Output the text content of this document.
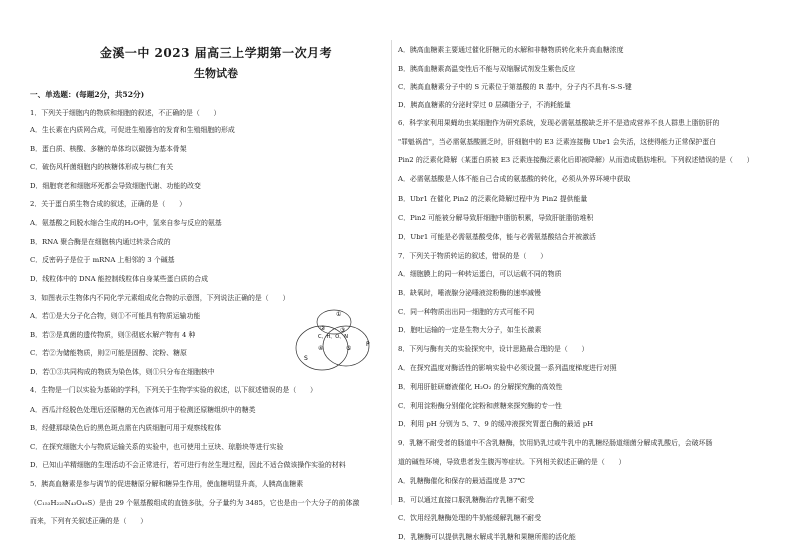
金溪一中 2023 届高三上学期第一次月考
生物试卷
一、单选题：(每题2分，共52分)
1．下列关于细胞内的物质和细胞的叙述，不正确的是（　　）
A．生长素在内质网合成，可促进生殖器官的发育和生殖细胞的形成
B．蛋白质、核酸、多糖的单体均以碳链为基本骨架
C．破伤风杆菌细胞内的核糖体形成与核仁有关
D．细胞衰老和细胞坏死都会导致细胞代谢、功能的改变
2．关于蛋白质生物合成的叙述，正确的是（　　）
A．氨基酸之间脱水缩合生成的H₂O中，氢来自参与反应的氨基
B．RNA 聚合酶是在细胞核内通过转录合成的
C．反密码子是位于 mRNA 上相邻的 3 个碱基
D．线粒体中的 DNA 能控制线粒体自身某些蛋白质的合成
3．如图表示生物体内不同化学元素组成化合物的示意图，下列说法正确的是（　　）
A．若①是大分子化合物，则①不可能具有物质运输功能
B．若③是真菌的遗传物质，则③彻底水解产物有 4 种
C．若②为储能物质，则②可能是固醇、淀粉、糖原
D．若①③共同构成的物质为染色体，则①只分布在细胞核中
4．生物是一门以实验为基础的学科，下列关于生物学实验的叙述，以下叙述错误的是（　　）
A．西瓜汁经脱色处理后还原糖的无色液体可用于检测还原糖组织中的糖类
B．经健那绿染色后的黑色斑点需在内质细胞可用于观察线粒体
C．在探究细胞大小与物质运输关系的实验中，也可使用土豆块、琼脂块等进行实验
D．已知山羊精细胞的生理活动不会正常进行，若可进行有丝生理过程，因此不适合做该操作实验的材料
5．胰高血糖素是参与调节的促进糖原分解和糖异生作用，使血糖明显升高，人胰高血糖素
（C₁₅₃H₂₂₅N₄₃O₄₉S）是由 29 个氨基酸组成的直链多肽，分子量约为 3485，它也是由一个大分子的前体激
而来，下列有关叙述正确的是（　　）
A．胰高血糖素主要通过催化肝糖元的水解和非糖物质转化来升高血糖浓度
B．胰高血糖素高温变性后不能与双缩脲试剂发生紫色反应
C．胰高血糖素分子中的 S 元素位于第基酸的 R 基中，分子内不具有-S-S-键
D．胰高血糖素的分泌时穿过 0 层磷脂分子，不消耗能量
6．科学家利用果蝇幼虫某细胞作为研究系统，发现必需氨基酸缺乏并不是造成营养不良人群患上脂肪肝的
"罪魁祸首"，当必需氨基酸匮乏时，肝细胞中的 E3 泛素连接酶 Ubr1 会失活，这使得能力正常保护蛋白
Pin2 的泛素化降解（某蛋白质被 E3 泛素连接酶泛素化后即被降解）从而造成脂肪堆积。下列叙述错误的是（　　）
A．必需氨基酸是人体不能自己合成的氨基酸的转化，必须从外界环境中获取
B．Ubr1 在催化 Pin2 的泛素化降解过程中为 Pin2 提供能量
C．Pin2 可能被分解导致肝细胞中脂肪积累，导致肝脏脂肪堆积
D．Ubr1 可能是必需氨基酸受体，能与必需氨基酸结合并被激活
7．下列关于物质转运的叙述，错误的是（　　）
A．细胞膜上的同一种转运蛋白，可以运载不同的物质
B．缺氧时，唾液腺分泌唾液淀粉酶的速率减慢
C．同一种物质出出同一细胞的方式可能不同
D．胞吐运输的一定是生物大分子，如生长激素
8．下列与酶有关的实验探究中，设计思路最合理的是（　　）
A．在探究温度对酶活性的影响实验中必须设置一系列温度梯度进行对照
B．利用肝脏研磨液催化 H₂O₂ 的分解探究酶的高效性
C．利用淀粉酶分别催化淀粉和蔗糖来探究酶的专一性
D．利用 pH 分别为 5、7、9 的缓冲液探究胃蛋白酶的最适 pH
9．乳糖不耐受者的肠道中不含乳糖酶，饮用奶乳过或牛乳中的乳糖经肠道细菌分解成乳酸后，会破坏肠
道的碱性环境，导致患者发生腹泻等症状。下列相关叙述正确的是（　　）
A．乳糖酶催化和保存的最适温度是 37℃
B．可以通过直接口服乳糖酶治疗乳糖不耐受
C．饮用经乳糖酶处理的牛奶能缓解乳糖不耐受
D．乳糖酶可以提供乳糖水解成半乳糖和果糖所需的活化能
C、H、O、N
S
P
①
② ③
④	⑤
